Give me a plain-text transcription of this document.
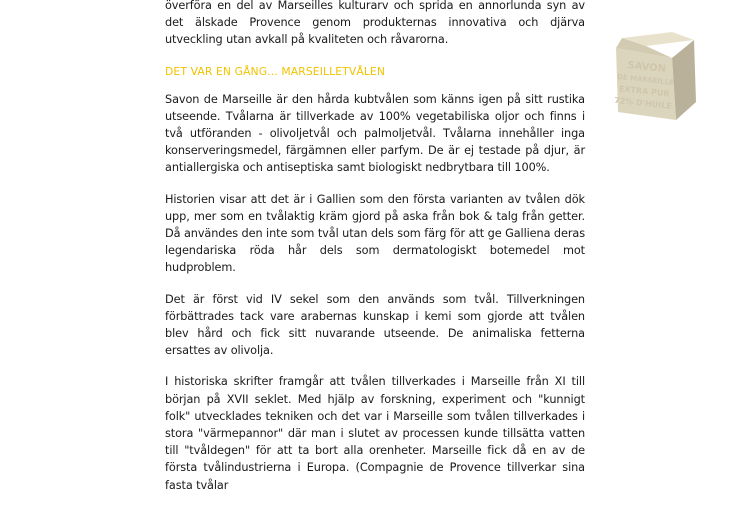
överföra en del av Marseilles kulturarv och sprida en annorlunda syn av det älskade Provence genom produkternas innovativa och djärva utveckling utan avkall på kvaliteten och råvarorna.

DET VAR EN GÅNG... MARSEILLETVÅLEN

Savon de Marseille är den hårda kubtvålen som känns igen på sitt rustika utseende. Tvålarna är tillverkade av 100% vegetabiliska oljor och finns i två utföranden - olivoljetvål och palmoljetvål. Tvålarna innehåller inga konserveringsmedel, färgämnen eller parfym. De är ej testade på djur, är antiallergiska och antiseptiska samt biologiskt nedbrytbara till 100%.

Historien visar att det är i Gallien som den första varianten av tvålen dök upp, mer som en tvålaktig kräm gjord på aska från bok & talg från getter. Då användes den inte som tvål utan dels som färg för att ge Galliena deras legendariska röda hår dels som dermatologiskt botemedel mot hudproblem.

Det är först vid IV sekel som den används som tvål. Tillverkningen förbättrades tack vare arabernas kunskap i kemi som gjorde att tvålen blev hård och fick sitt nuvarande utseende. De animaliska fetterna ersattes av olivolja.

I historiska skrifter framgår att tvålen tillverkades i Marseille från XI till början på XVII seklet. Med hjälp av forskning, experiment och "kunnigt folk" utvecklades tekniken och det var i Marseille som tvålen tillverkades i stora "värmepannor" där man i slutet av processen kunde tillsätta vatten till "tvåldegen" för att ta bort alla orenheter. Marseille fick då en av de första tvålindustrierna i Europa. (Compagnie de Provence tillverkar sina fasta tvålar

SAVON
DE MARSEILLE
EXTRA PUR
72% D'HUILE
